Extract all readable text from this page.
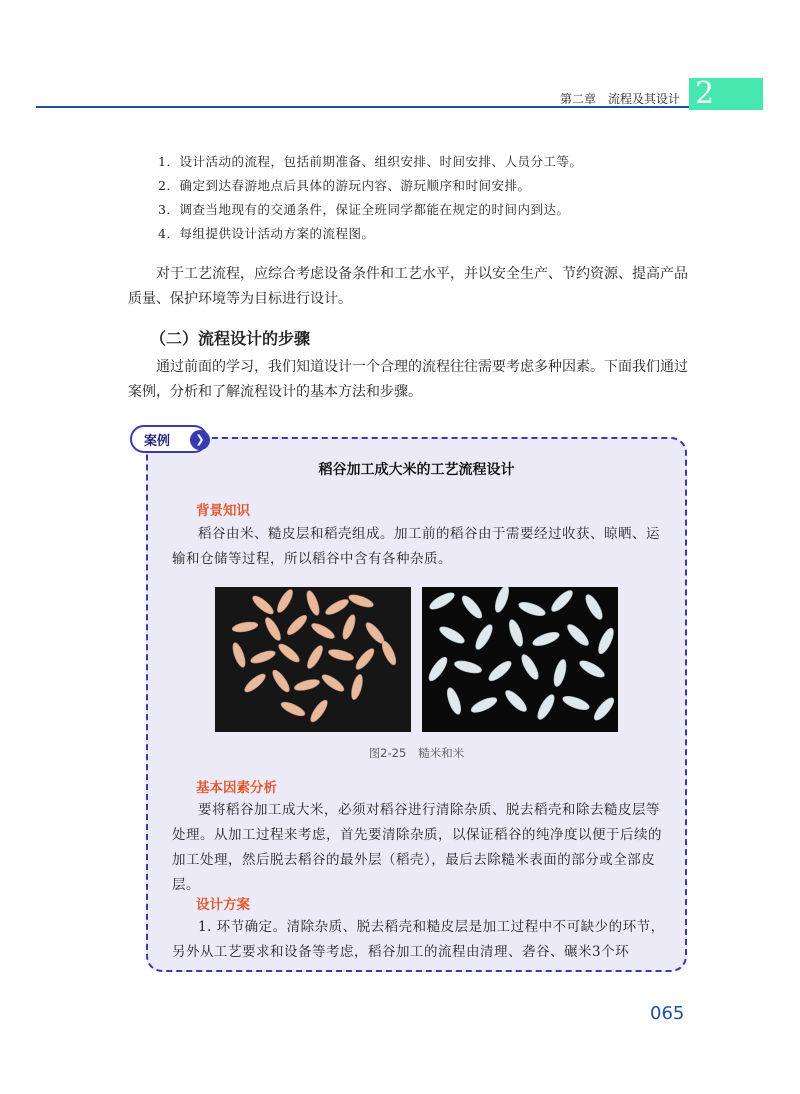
第二章　流程及其设计 2
1．设计活动的流程，包括前期准备、组织安排、时间安排、人员分工等。
2．确定到达春游地点后具体的游玩内容、游玩顺序和时间安排。
3．调查当地现有的交通条件，保证全班同学都能在规定的时间内到达。
4．每组提供设计活动方案的流程图。
对于工艺流程，应综合考虑设备条件和工艺水平，并以安全生产、节约资源、提高产品质量、保护环境等为目标进行设计。
（二）流程设计的步骤
通过前面的学习，我们知道设计一个合理的流程往往需要考虑多种因素。下面我们通过案例，分析和了解流程设计的基本方法和步骤。
案例	❯
稻谷加工成大米的工艺流程设计
背景知识
稻谷由米、糙皮层和稻壳组成。加工前的稻谷由于需要经过收获、晾晒、运输和仓储等过程，所以稻谷中含有各种杂质。
图2-25 糙米和米
基本因素分析
要将稻谷加工成大米，必须对稻谷进行清除杂质、脱去稻壳和除去糙皮层等处理。从加工过程来考虑，首先要清除杂质，以保证稻谷的纯净度以便于后续的加工处理，然后脱去稻谷的最外层（稻壳），最后去除糙米表面的部分或全部皮层。
设计方案
1. 环节确定。清除杂质、脱去稻壳和糙皮层是加工过程中不可缺少的环节，另外从工艺要求和设备等考虑，稻谷加工的流程由清理、砻谷、碾米3个环
065
